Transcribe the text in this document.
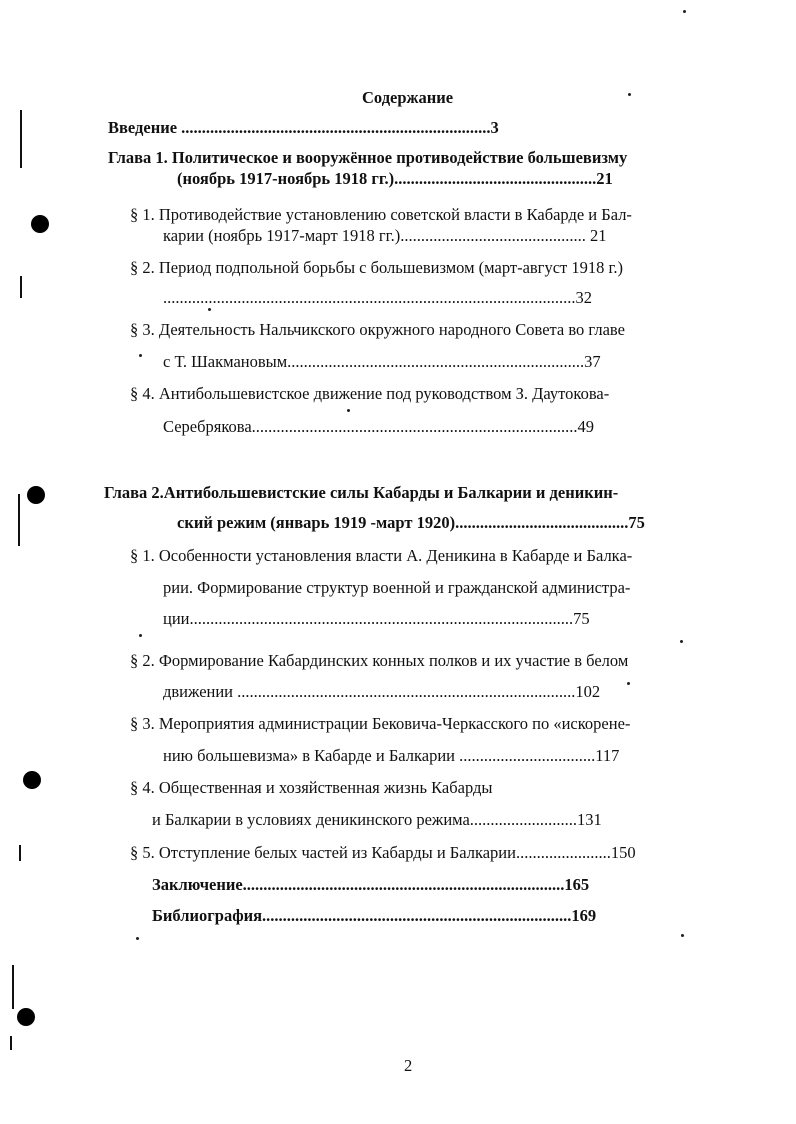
Содержание
Введение ...........................................................................3
Глава 1. Политическое и вооружённое противодействие большевизму
(ноябрь 1917-ноябрь 1918 гг.).................................................21
§ 1. Противодействие установлению советской власти в Кабарде и Бал-
карии (ноябрь 1917-март 1918 гг.)............................................. 21
§ 2. Период подпольной борьбы с большевизмом (март-август 1918 г.)
....................................................................................................32
§ 3. Деятельность Нальчикского окружного народного Совета во главе
с Т. Шакмановым........................................................................37
§ 4. Антибольшевистское движение под руководством З. Даутокова-
Серебрякова...............................................................................49
Глава 2.Антибольшевистские силы Кабарды и Балкарии и деникин-
ский режим (январь 1919 -март 1920)..........................................75
§ 1. Особенности установления власти А. Деникина в Кабарде и Балка-
рии. Формирование структур военной и гражданской администра-
ции.............................................................................................75
§ 2. Формирование Кабардинских конных полков и их участие в белом
движении ..................................................................................102
§ 3. Мероприятия администрации Бековича-Черкасского по «искоренe-
нию большевизма» в Кабарде и Балкарии .................................117
§ 4. Общественная и хозяйственная жизнь Кабарды
и Балкарии в условиях деникинского режима..........................131
§ 5. Отступление белых частей из Кабарды и Балкарии.......................150
Заключение..............................................................................165
Библиография...........................................................................169
2
